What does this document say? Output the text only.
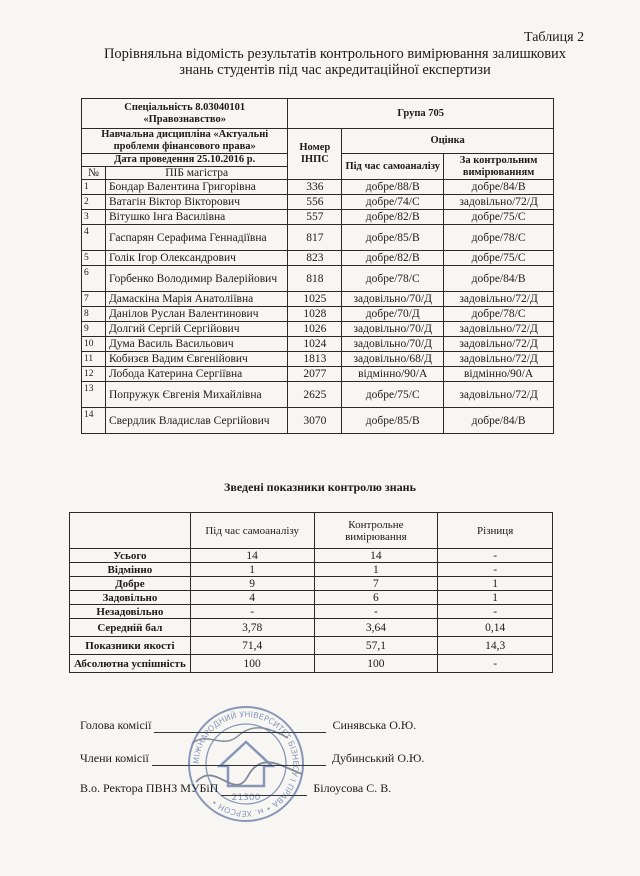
Таблиця 2
Порівняльна відомість результатів контрольного вимірювання залишкових
знань студентів під час акредитаційної експертизи
Спеціальність 8.03040101 «Правознавство»		Група 705		
Навчальна дисципліна «Актуальні проблеми фінансового права»		Номер ІНПС	Оцінка	
Дата проведення 25.10.2016 р.			Під час самоаналізу	За контрольним вимірюванням
№	ПІБ магістра			
1	Бондар Валентина Григорівна	336	добре/88/В	добре/84/В
2	Ватагін Віктор Вікторович	556	добре/74/С	задовільно/72/Д
3	Вітушко Інга Василівна	557	добре/82/В	добре/75/С
4	Гаспарян Серафима Геннадіївна	817	добре/85/В	добре/78/С
5	Голік Ігор Олександрович	823	добре/82/В	добре/75/С
6	Горбенко Володимир Валерійович	818	добре/78/С	добре/84/В
7	Дамаскіна Марія Анатоліївна	1025	задовільно/70/Д	задовільно/72/Д
8	Данілов Руслан Валентинович	1028	добре/70/Д	добре/78/С
9	Долгий Сергій Сергійович	1026	задовільно/70/Д	задовільно/72/Д
10	Дума Василь Васильович	1024	задовільно/70/Д	задовільно/72/Д
11	Кобизєв Вадим Євгенійович	1813	задовільно/68/Д	задовільно/72/Д
12	Лобода Катерина Сергіївна	2077	відмінно/90/А	відмінно/90/А
13	Попружук Євгенія Михайлівна	2625	добре/75/С	задовільно/72/Д
14	Свердлик Владислав Сергійович	3070	добре/85/В	добре/84/В
Зведені показники контролю знань
	Під час самоаналізу	Контрольне вимірювання	Різниця
Усього	14	14	-
Відмінно	1	1	-
Добре	9	7	1
Задовільно	4	6	1
Незадовільно	-	-	-
Середній бал	3,78	3,64	0,14
Показники якості	71,4	57,1	14,3
Абсолютна успішність	100	100	-
Голова комісії	Синявська О.Ю.
Члени комісії	Дубинський О.Ю.
В.о. Ректора ПВНЗ МУБіП	Білоусова С. В.
МІЖНАРОДНИЙ УНІВЕРСИТЕТ БІЗНЕСУ І ПРАВА • м. ХЕРСОН •	21300
